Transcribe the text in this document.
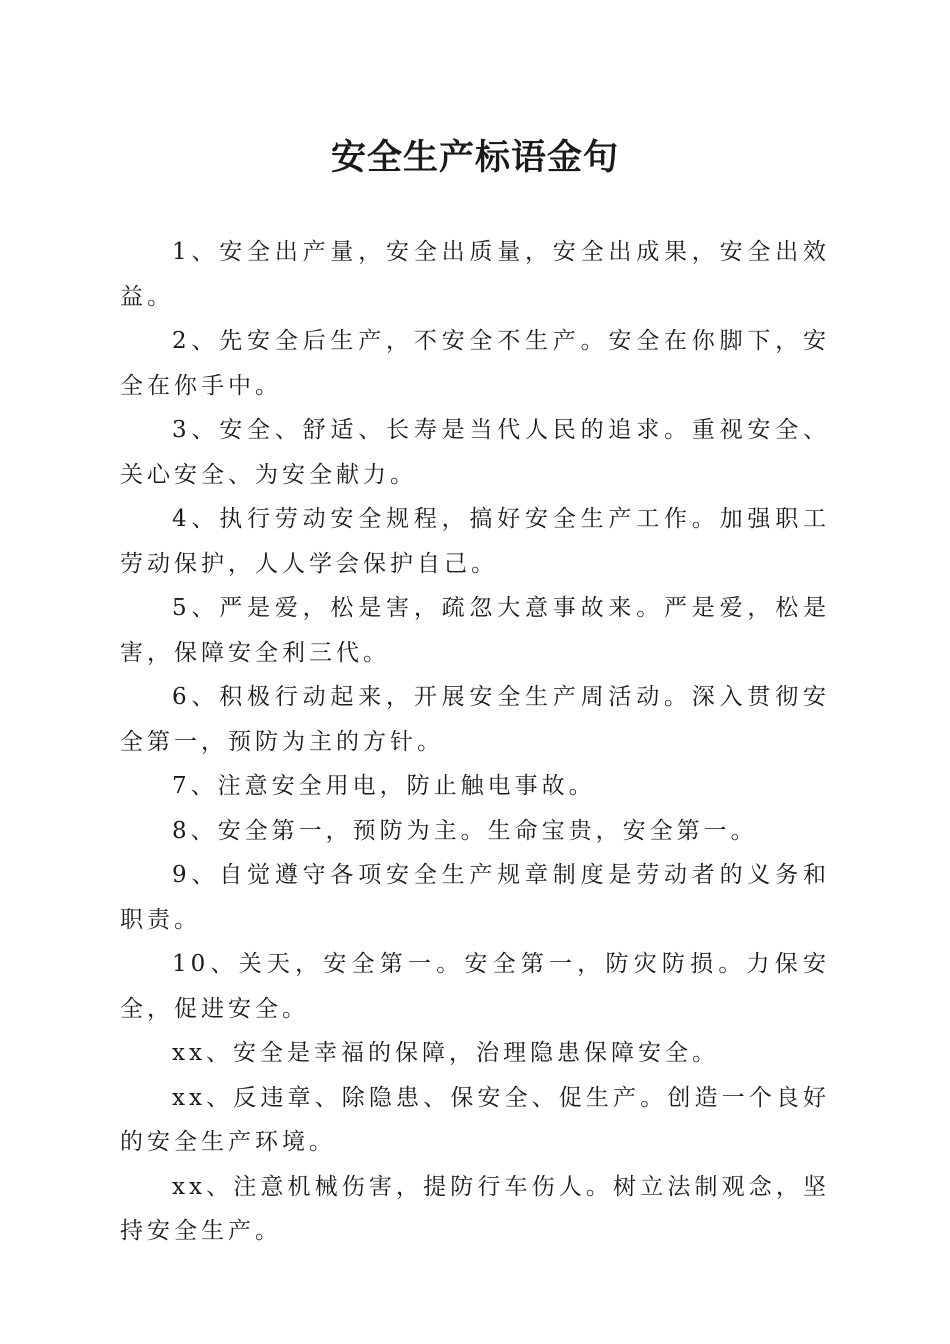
安全生产标语金句

1、安全出产量，安全出质量，安全出成果，安全出效益。

2、先安全后生产，不安全不生产。安全在你脚下，安全在你手中。

3、安全、舒适、长寿是当代人民的追求。重视安全、关心安全、为安全献力。

4、执行劳动安全规程，搞好安全生产工作。加强职工劳动保护，人人学会保护自己。

5、严是爱，松是害，疏忽大意事故来。严是爱，松是害，保障安全利三代。

6、积极行动起来，开展安全生产周活动。深入贯彻安全第一，预防为主的方针。

7、注意安全用电，防止触电事故。

8、安全第一，预防为主。生命宝贵，安全第一。

9、自觉遵守各项安全生产规章制度是劳动者的义务和职责。

10、关天，安全第一。安全第一，防灾防损。力保安全，促进安全。

xx、安全是幸福的保障，治理隐患保障安全。

xx、反违章、除隐患、保安全、促生产。创造一个良好的安全生产环境。

xx、注意机械伤害，提防行车伤人。树立法制观念，坚持安全生产。
